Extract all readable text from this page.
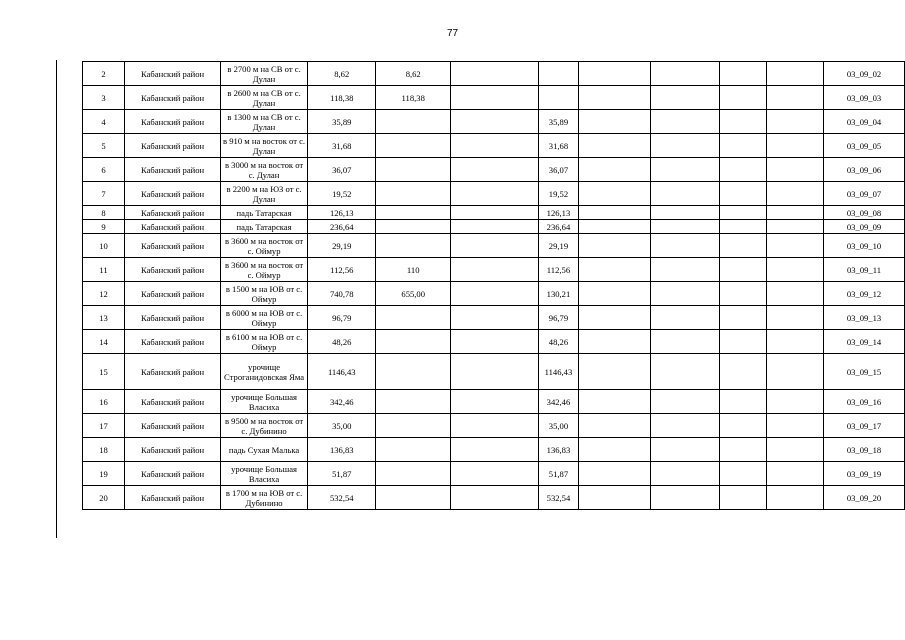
77
2	Кабанский район	в 2700 м на СВ от с. Дулан	8,62	8,62							03_09_02
3	Кабанский район	в 2600 м на СВ от с. Дулан	118,38	118,38							03_09_03
4	Кабанский район	в 1300 м на СВ от с. Дулан	35,89			35,89					03_09_04
5	Кабанский район	в 910 м на восток от с. Дулан	31,68			31,68					03_09_05
6	Кабанский район	в 3000 м на восток от с. Дулан	36,07			36,07					03_09_06
7	Кабанский район	в 2200 м на ЮЗ от с. Дулан	19,52			19,52					03_09_07
8	Кабанский район	падь Татарская	126,13			126,13					03_09_08
9	Кабанский район	падь Татарская	236,64			236,64					03_09_09
10	Кабанский район	в 3600 м на восток от с. Оймур	29,19			29,19					03_09_10
11	Кабанский район	в 3600 м на восток от с. Оймур	112,56	110		112,56					03_09_11
12	Кабанский район	в 1500 м на ЮВ от с. Оймур	740,78	655,00		130,21					03_09_12
13	Кабанский район	в 6000 м на ЮВ от с. Оймур	96,79			96,79					03_09_13
14	Кабанский район	в 6100 м на ЮВ от с. Оймур	48,26			48,26					03_09_14
15	Кабанский район	урочище Строганидовская Яма	1146,43			1146,43					03_09_15
16	Кабанский район	урочище Большая Власиха	342,46			342,46					03_09_16
17	Кабанский район	в 9500 м на восток от с. Дубинино	35,00			35,00					03_09_17
18	Кабанский район	падь Сухая Малька	136,83			136,83					03_09_18
19	Кабанский район	урочище Большая Власиха	51,87			51,87					03_09_19
20	Кабанский район	в 1700 м на ЮВ от с. Дубинино	532,54			532,54					03_09_20
